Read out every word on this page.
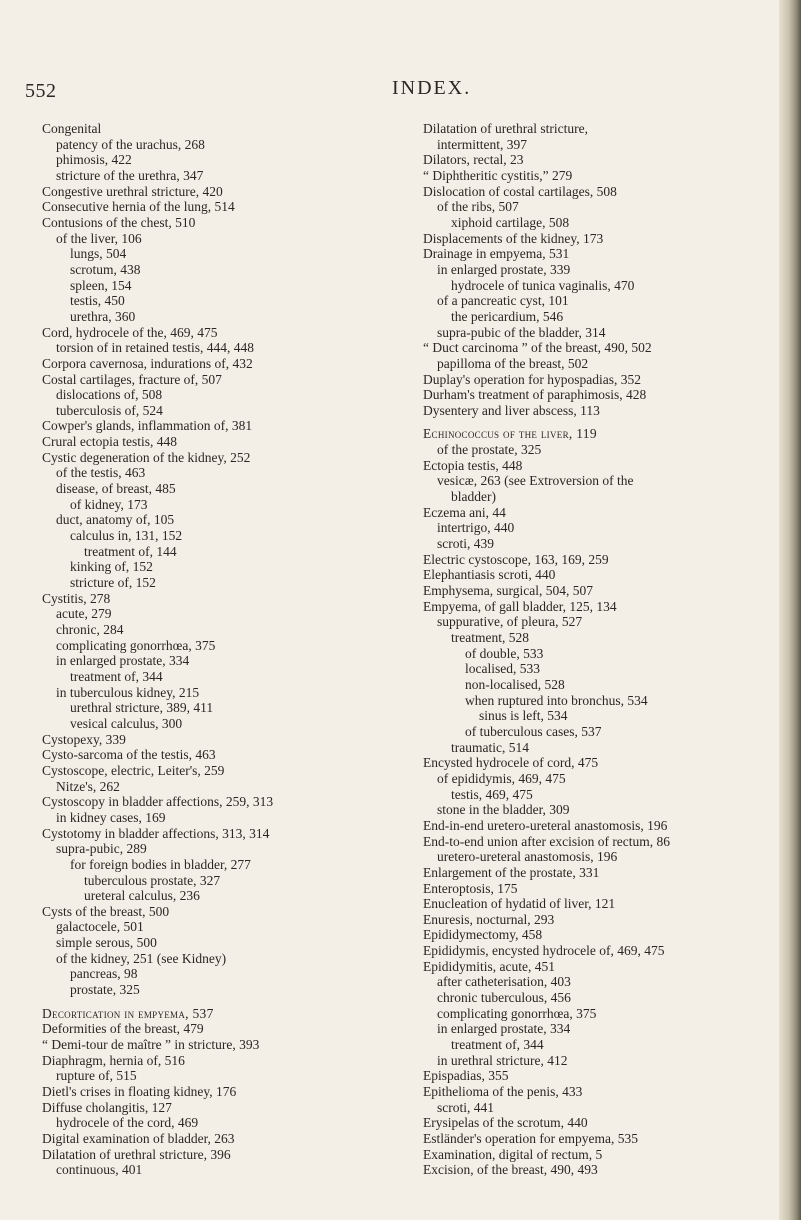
552	INDEX.
Congenital
patency of the urachus, 268
phimosis, 422
stricture of the urethra, 347
Congestive urethral stricture, 420
Consecutive hernia of the lung, 514
Contusions of the chest, 510
of the liver, 106
lungs, 504
scrotum, 438
spleen, 154
testis, 450
urethra, 360
Cord, hydrocele of the, 469, 475
torsion of in retained testis, 444, 448
Corpora cavernosa, indurations of, 432
Costal cartilages, fracture of, 507
dislocations of, 508
tuberculosis of, 524
Cowper's glands, inflammation of, 381
Crural ectopia testis, 448
Cystic degeneration of the kidney, 252
of the testis, 463
disease, of breast, 485
of kidney, 173
duct, anatomy of, 105
calculus in, 131, 152
treatment of, 144
kinking of, 152
stricture of, 152
Cystitis, 278
acute, 279
chronic, 284
complicating gonorrhœa, 375
in enlarged prostate, 334
treatment of, 344
in tuberculous kidney, 215
urethral stricture, 389, 411
vesical calculus, 300
Cystopexy, 339
Cysto-sarcoma of the testis, 463
Cystoscope, electric, Leiter's, 259
Nitze's, 262
Cystoscopy in bladder affections, 259, 313
in kidney cases, 169
Cystotomy in bladder affections, 313, 314
supra-pubic, 289
for foreign bodies in bladder, 277
tuberculous prostate, 327
ureteral calculus, 236
Cysts of the breast, 500
galactocele, 501
simple serous, 500
of the kidney, 251 (see Kidney)
pancreas, 98
prostate, 325
Decortication in empyema, 537
Deformities of the breast, 479
“ Demi-tour de maître ” in stricture, 393
Diaphragm, hernia of, 516
rupture of, 515
Dietl's crises in floating kidney, 176
Diffuse cholangitis, 127
hydrocele of the cord, 469
Digital examination of bladder, 263
Dilatation of urethral stricture, 396
continuous, 401
Dilatation of urethral stricture,
intermittent, 397
Dilators, rectal, 23
“ Diphtheritic cystitis,” 279
Dislocation of costal cartilages, 508
of the ribs, 507
xiphoid cartilage, 508
Displacements of the kidney, 173
Drainage in empyema, 531
in enlarged prostate, 339
hydrocele of tunica vaginalis, 470
of a pancreatic cyst, 101
the pericardium, 546
supra-pubic of the bladder, 314
“ Duct carcinoma ” of the breast, 490, 502
papilloma of the breast, 502
Duplay's operation for hypospadias, 352
Durham's treatment of paraphimosis, 428
Dysentery and liver abscess, 113
Echinococcus of the liver, 119
of the prostate, 325
Ectopia testis, 448
vesicæ, 263 (see Extroversion of the
bladder)
Eczema ani, 44
intertrigo, 440
scroti, 439
Electric cystoscope, 163, 169, 259
Elephantiasis scroti, 440
Emphysema, surgical, 504, 507
Empyema, of gall bladder, 125, 134
suppurative, of pleura, 527
treatment, 528
of double, 533
localised, 533
non-localised, 528
when ruptured into bronchus, 534
sinus is left, 534
of tuberculous cases, 537
traumatic, 514
Encysted hydrocele of cord, 475
of epididymis, 469, 475
testis, 469, 475
stone in the bladder, 309
End-in-end uretero-ureteral anastomosis, 196
End-to-end union after excision of rectum, 86
uretero-ureteral anastomosis, 196
Enlargement of the prostate, 331
Enteroptosis, 175
Enucleation of hydatid of liver, 121
Enuresis, nocturnal, 293
Epididymectomy, 458
Epididymis, encysted hydrocele of, 469, 475
Epididymitis, acute, 451
after catheterisation, 403
chronic tuberculous, 456
complicating gonorrhœa, 375
in enlarged prostate, 334
treatment of, 344
in urethral stricture, 412
Epispadias, 355
Epithelioma of the penis, 433
scroti, 441
Erysipelas of the scrotum, 440
Estländer's operation for empyema, 535
Examination, digital of rectum, 5
Excision, of the breast, 490, 493
